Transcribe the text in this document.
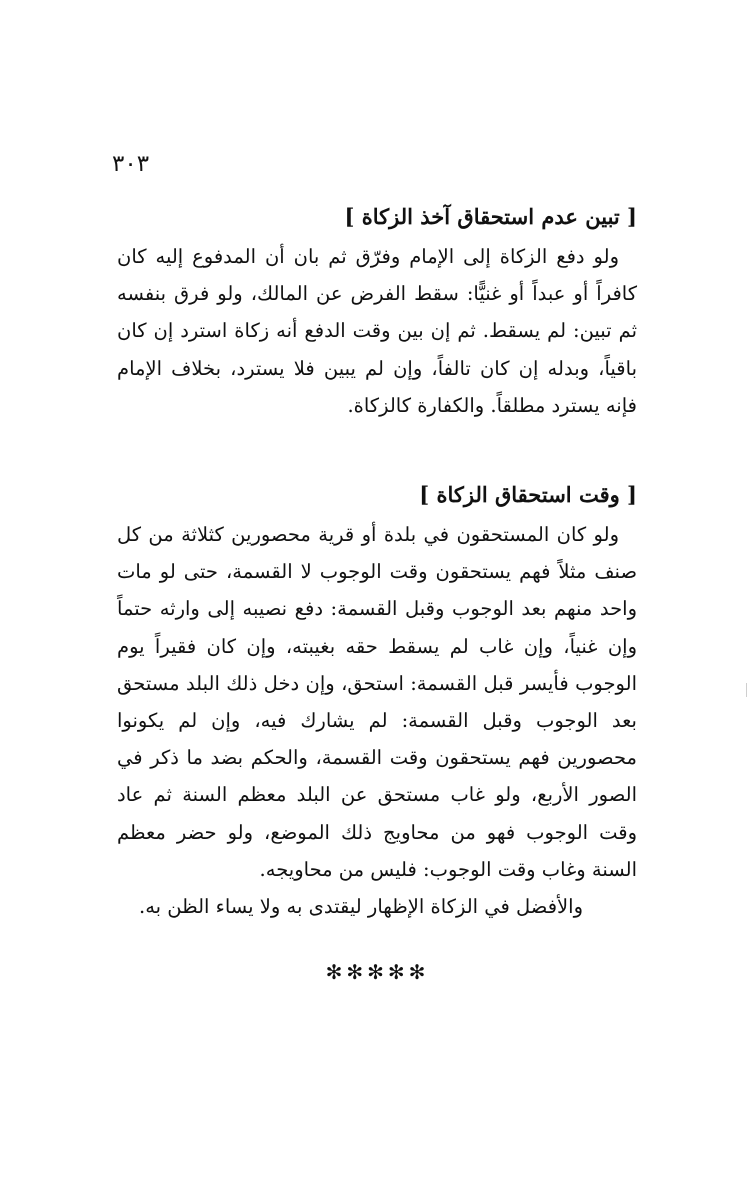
٣٠٣
[ تبين عدم استحقاق آخذ الزكاة ]

ولو دفع الزكاة إلى الإمام وفرّق ثم بان أن المدفوع إليه كان كافراً أو عبداً أو غنيًّا: سقط الفرض عن المالك، ولو فرق بنفسه ثم تبين: لم يسقط. ثم إن بين وقت الدفع أنه زكاة استرد إن كان باقياً، وبدله إن كان تالفاً، وإن لم يبين فلا يسترد، بخلاف الإمام فإنه يسترد مطلقاً. والكفارة كالزكاة.

[ وقت استحقاق الزكاة ]

ولو كان المستحقون في بلدة أو قرية محصورين كثلاثة من كل صنف مثلاً فهم يستحقون وقت الوجوب لا القسمة، حتى لو مات واحد منهم بعد الوجوب وقبل القسمة: دفع نصيبه إلى وارثه حتماً وإن غنياً، وإن غاب لم يسقط حقه بغيبته، وإن كان فقيراً يوم الوجوب فأيسر قبل القسمة: استحق، وإن دخل ذلك البلد مستحق بعد الوجوب وقبل القسمة: لم يشارك فيه، وإن لم يكونوا محصورين فهم يستحقون وقت القسمة، والحكم بضد ما ذكر في الصور الأربع، ولو غاب مستحق عن البلد معظم السنة ثم عاد وقت الوجوب فهو من محاويج ذلك الموضع، ولو حضر معظم السنة وغاب وقت الوجوب: فليس من محاويجه.

والأفضل في الزكاة الإظهار ليقتدى به ولا يساء الظن به.

✻✻✻✻✻
